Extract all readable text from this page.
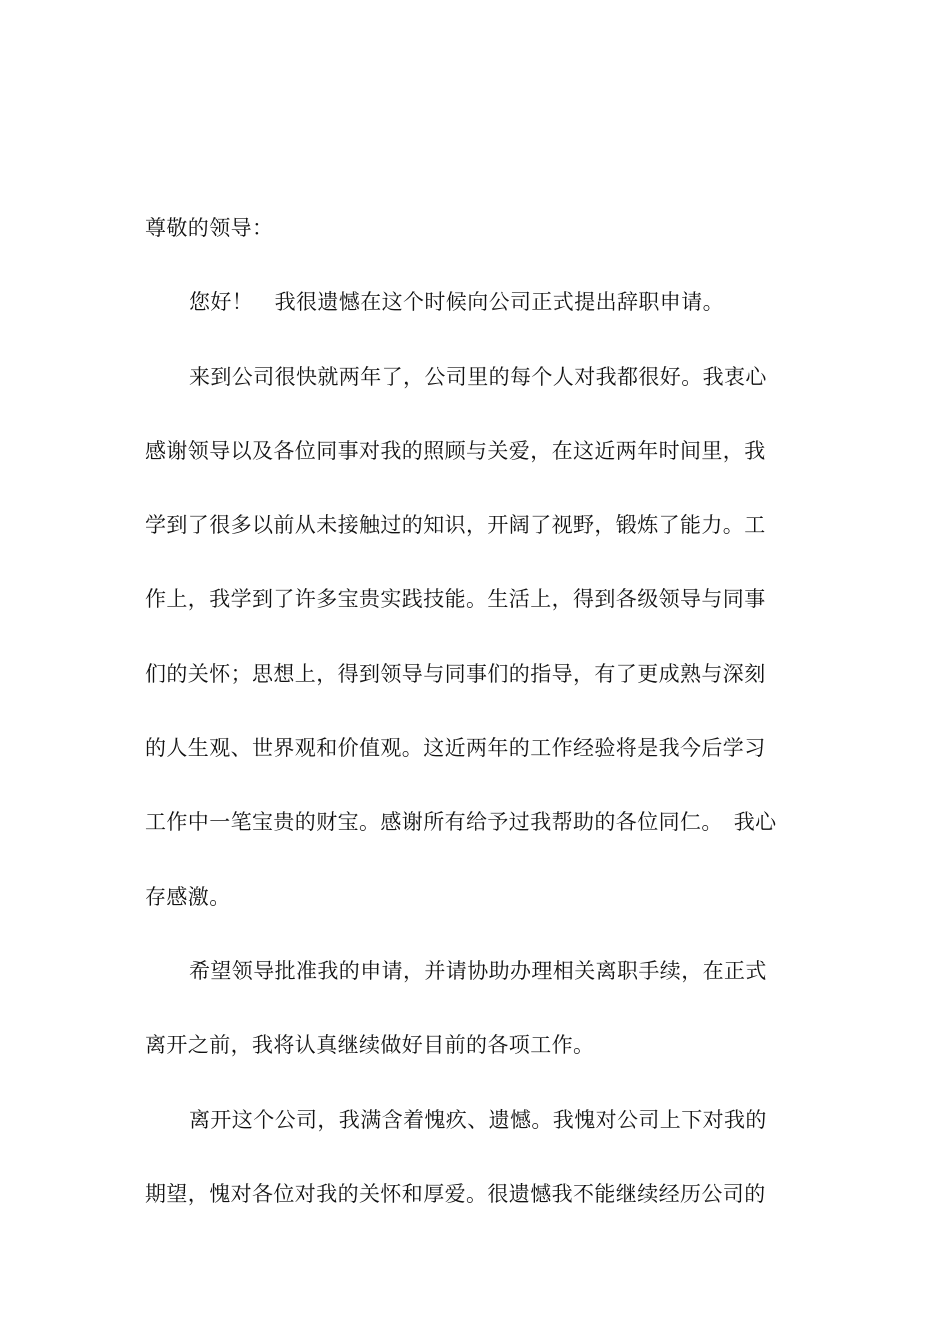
尊敬的领导：
您好！　我很遗憾在这个时候向公司正式提出辞职申请。
来到公司很快就两年了，公司里的每个人对我都很好。我衷心
感谢领导以及各位同事对我的照顾与关爱，在这近两年时间里，我
学到了很多以前从未接触过的知识，开阔了视野，锻炼了能力。工
作上，我学到了许多宝贵实践技能。生活上，得到各级领导与同事
们的关怀；思想上，得到领导与同事们的指导，有了更成熟与深刻
的人生观、世界观和价值观。这近两年的工作经验将是我今后学习
工作中一笔宝贵的财宝。感谢所有给予过我帮助的各位同仁。　我心
存感激。
希望领导批准我的申请，并请协助办理相关离职手续，在正式
离开之前，我将认真继续做好目前的各项工作。
离开这个公司，我满含着愧疚、遗憾。我愧对公司上下对我的
期望，愧对各位对我的关怀和厚爱。很遗憾我不能继续经历公司的
